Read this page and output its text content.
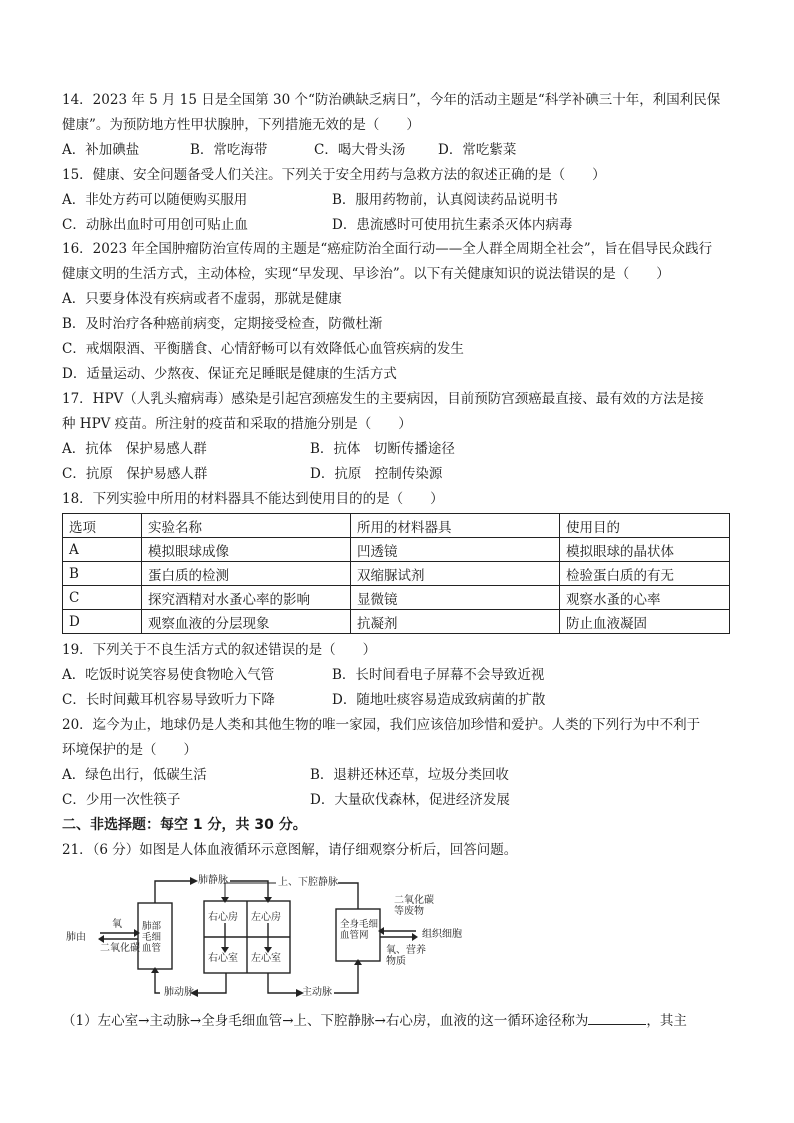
14．2023 年 5 月 15 日是全国第 30 个“防治碘缺乏病日”，今年的活动主题是“科学补碘三十年，利国利民保

健康”。为预防地方性甲状腺肿，下列措施无效的是（　　）

A．补加碘盐	B．常吃海带	C．喝大骨头汤	D．常吃紫菜

15．健康、安全问题备受人们关注。下列关于安全用药与急救方法的叙述正确的是（　　）

A．非处方药可以随便购买服用	B．服用药物前，认真阅读药品说明书
C．动脉出血时可用创可贴止血	D．患流感时可使用抗生素杀灭体内病毒

16．2023 年全国肿瘤防治宣传周的主题是“癌症防治全面行动——全人群全周期全社会”，旨在倡导民众践行

健康文明的生活方式，主动体检，实现“早发现、早诊治”。以下有关健康知识的说法错误的是（　　）

A．只要身体没有疾病或者不虚弱，那就是健康

B．及时治疗各种癌前病变，定期接受检查，防微杜渐

C．戒烟限酒、平衡膳食、心情舒畅可以有效降低心血管疾病的发生

D．适量运动、少熬夜、保证充足睡眠是健康的生活方式

17．HPV（人乳头瘤病毒）感染是引起宫颈癌发生的主要病因，目前预防宫颈癌最直接、最有效的方法是接

种 HPV 疫苗。所注射的疫苗和采取的措施分别是（　　）

A．抗体　保护易感人群	B．抗体　切断传播途径
C．抗原　保护易感人群	D．抗原　控制传染源

18．下列实验中所用的材料器具不能达到使用目的的是（　　）

选项	实验名称	所用的材料器具	使用目的
A	模拟眼球成像	凹透镜	模拟眼球的晶状体
B	蛋白质的检测	双缩脲试剂	检验蛋白质的有无
C	探究酒精对水蚤心率的影响	显微镜	观察水蚤的心率
D	观察血液的分层现象	抗凝剂	防止血液凝固

19．下列关于不良生活方式的叙述错误的是（　　）

A．吃饭时说笑容易使食物呛入气管	B．长时间看电子屏幕不会导致近视
C．长时间戴耳机容易导致听力下降	D．随地吐痰容易造成致病菌的扩散

20．迄今为止，地球仍是人类和其他生物的唯一家园，我们应该倍加珍惜和爱护。人类的下列行为中不利于

环境保护的是（　　）

A．绿色出行，低碳生活	B．退耕还林还草，垃圾分类回收
C．少用一次性筷子	D．大量砍伐森林，促进经济发展

二、非选择题：每空 1 分，共 30 分。

21．（6 分）如图是人体血液循环示意图解，请仔细观察分析后，回答问题。

肺由
氧
二氧化碳
肺部毛细血管
肺静脉
肺动脉
右心房 左心房
右心室 左心室
上、下腔静脉
主动脉
全身毛细血管网
二氧化碳等废物
组织细胞
氧、营养物质

（1）左心室→主动脉→全身毛细血管→上、下腔静脉→右心房，血液的这一循环途径称为	，其主
